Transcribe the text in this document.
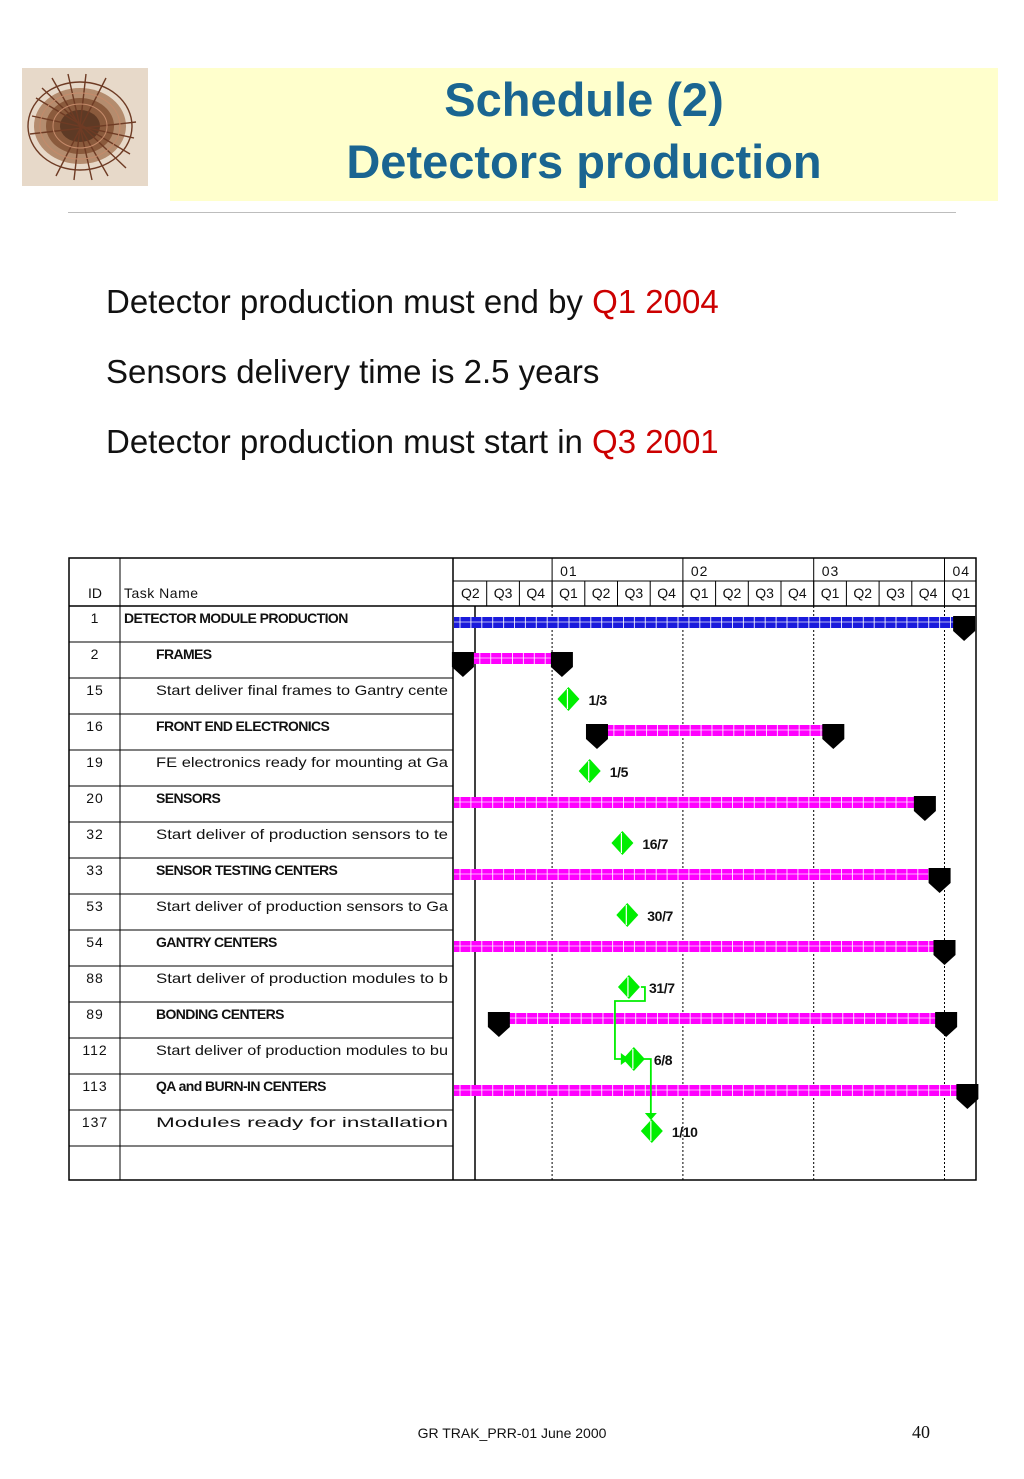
Schedule (2)
Detectors production
Detector production must end by Q1 2004
Sensors delivery time is 2.5 years
Detector production must start in Q3 2001
ID Task Name
01	02	03	04
Q2 Q3 Q4 Q1 Q2 Q3 Q4 Q1 Q2 Q3 Q4 Q1 Q2 Q3 Q4 Q1
1 DETECTOR MODULE PRODUCTION
2	FRAMES
15	Start deliver final frames to Gantry cente
1/3
16	FRONT END ELECTRONICS
19	FE electronics ready for mounting at Ga
1/5
20	SENSORS
32	Start deliver of production sensors to te
16/7
33	SENSOR TESTING CENTERS
53	Start deliver of production sensors to Ga
30/7
54	GANTRY CENTERS
88	Start deliver of production modules to b
31/7
89	BONDING CENTERS
112	Start deliver of production modules to bu
6/8
113	QA and BURN-IN CENTERS
137	Modules ready for installation
1/10
GR TRAK_PRR-01 June 2000	40
